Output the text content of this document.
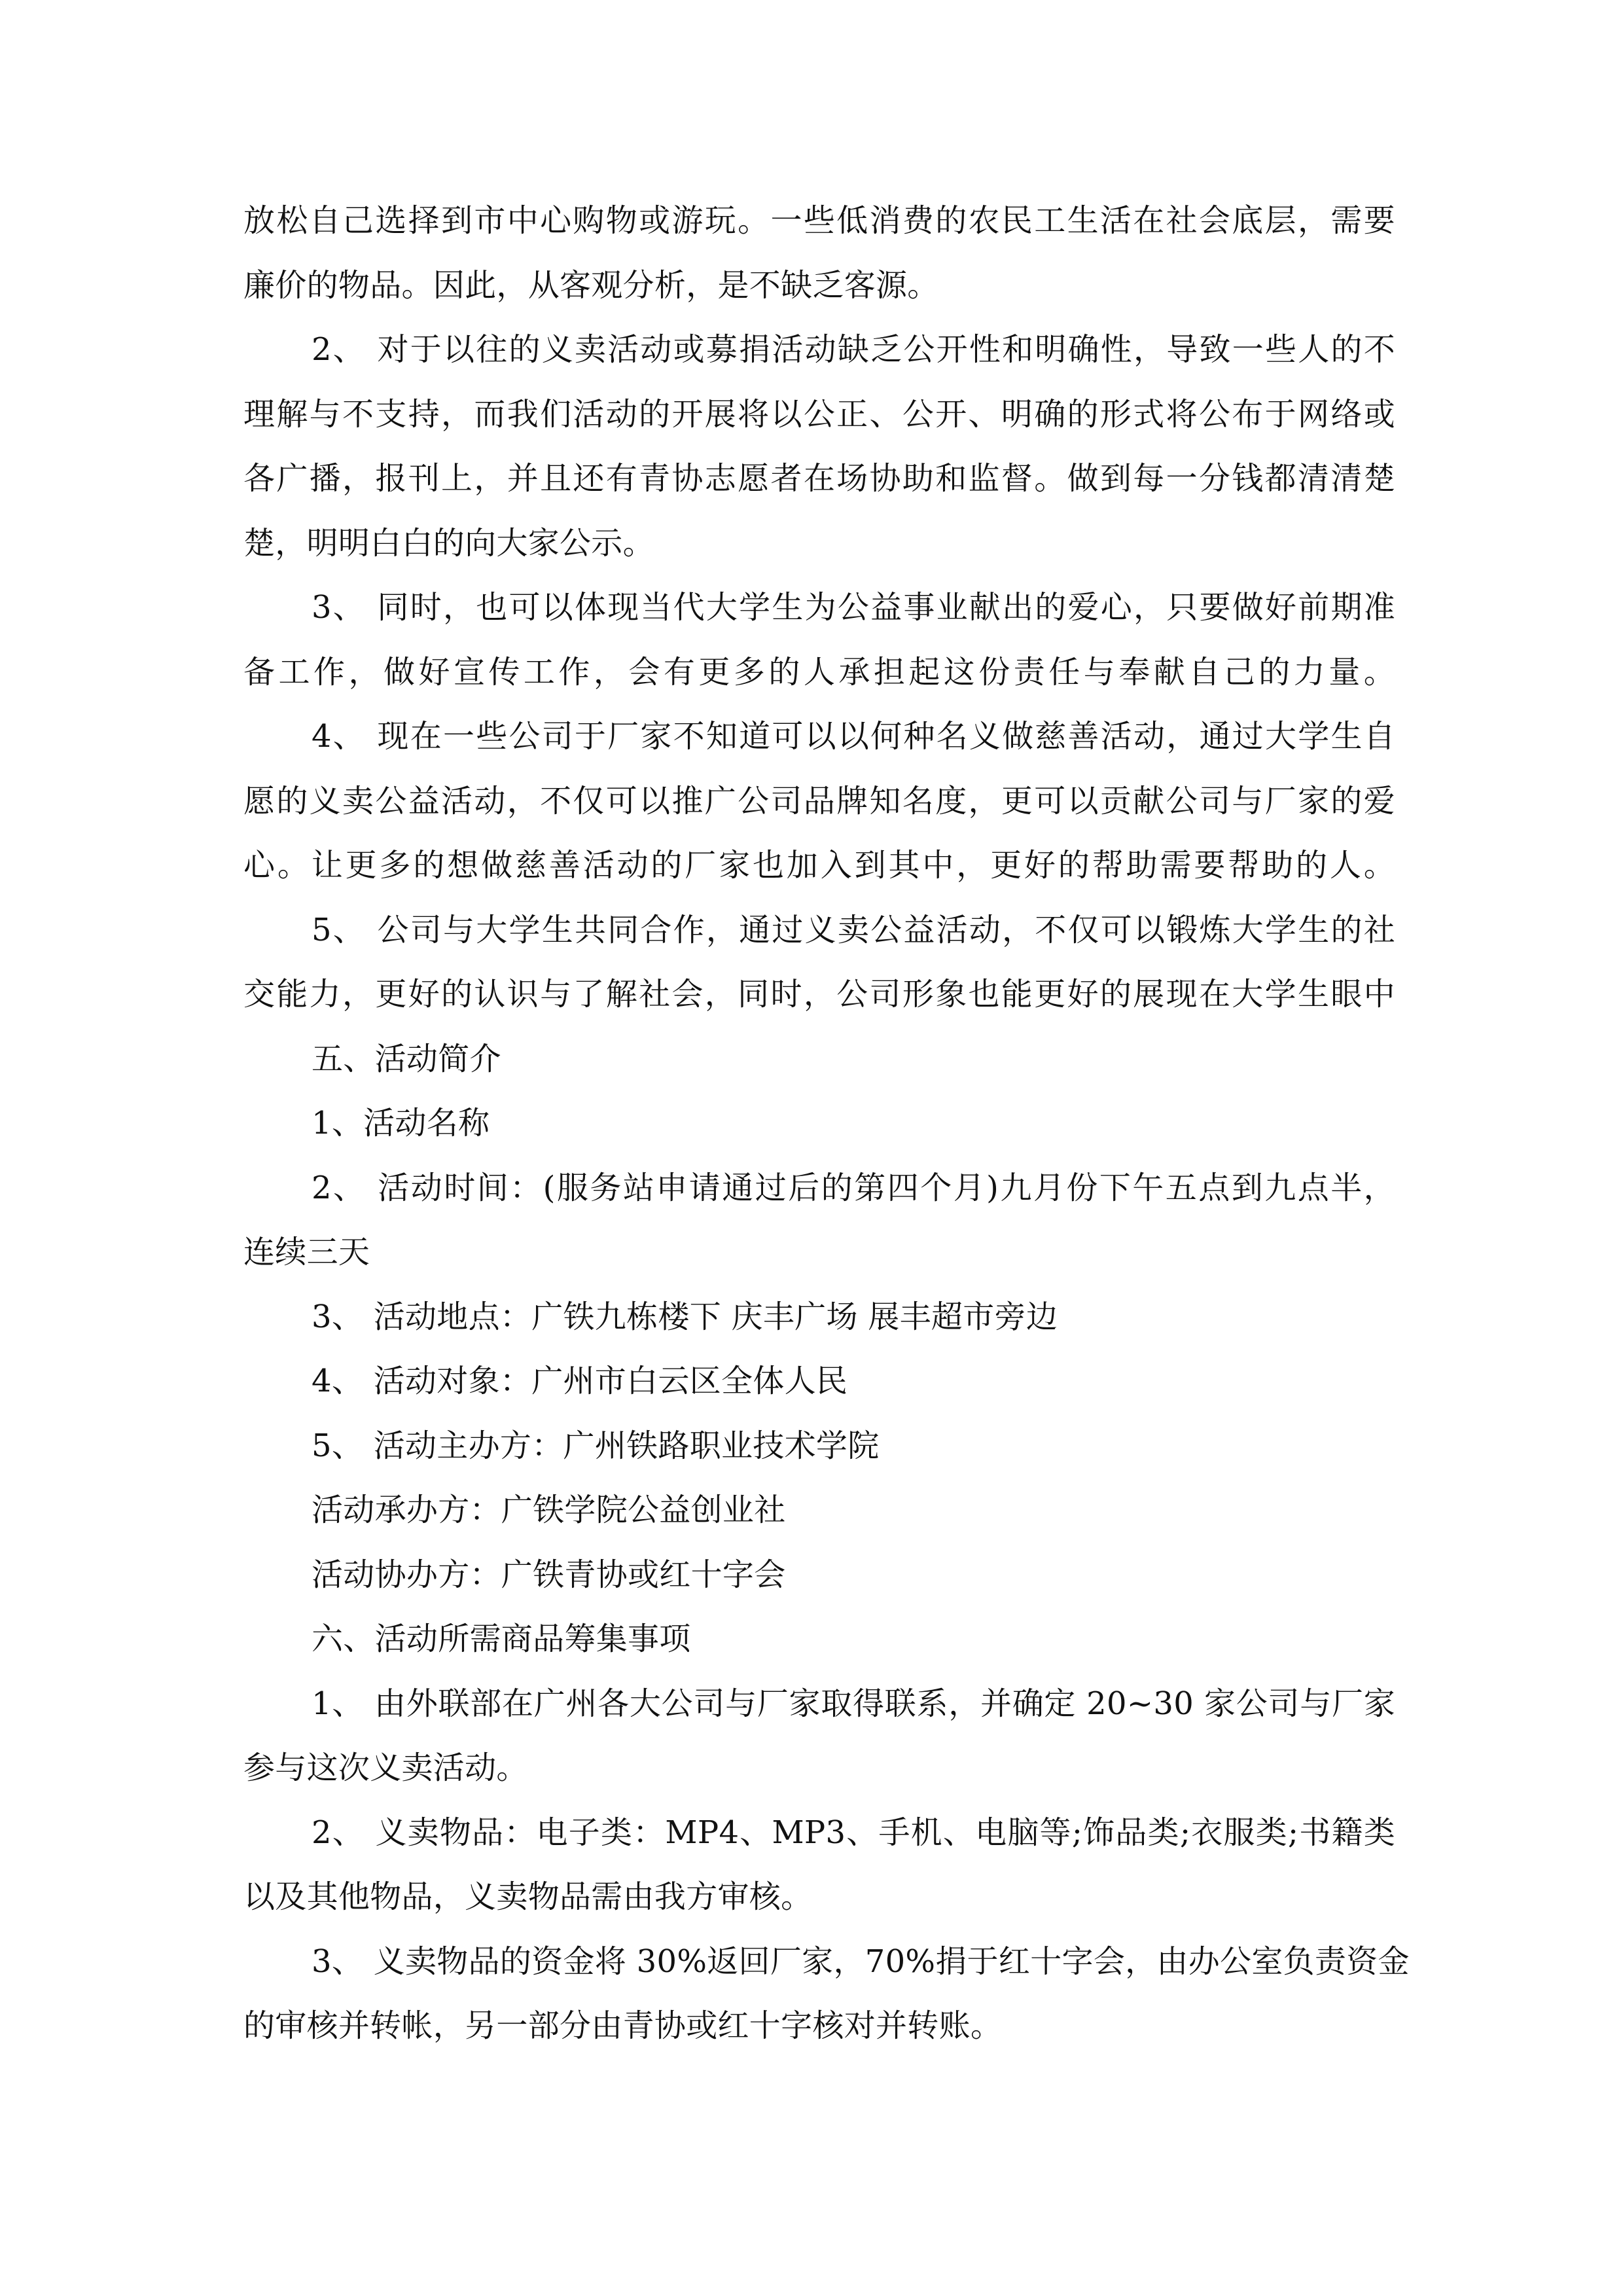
放松自己选择到市中心购物或游玩。一些低消费的农民工生活在社会底层，需要
廉价的物品。因此，从客观分析，是不缺乏客源。
2、 对于以往的义卖活动或募捐活动缺乏公开性和明确性，导致一些人的不
理解与不支持，而我们活动的开展将以公正、公开、明确的形式将公布于网络或
各广播，报刊上，并且还有青协志愿者在场协助和监督。做到每一分钱都清清楚
楚，明明白白的向大家公示。
3、 同时，也可以体现当代大学生为公益事业献出的爱心，只要做好前期准
备工作，做好宣传工作，会有更多的人承担起这份责任与奉献自己的力量。
4、 现在一些公司于厂家不知道可以以何种名义做慈善活动，通过大学生自
愿的义卖公益活动，不仅可以推广公司品牌知名度，更可以贡献公司与厂家的爱
心。让更多的想做慈善活动的厂家也加入到其中，更好的帮助需要帮助的人。
5、 公司与大学生共同合作，通过义卖公益活动，不仅可以锻炼大学生的社
交能力，更好的认识与了解社会，同时，公司形象也能更好的展现在大学生眼中
五、活动简介
1、活动名称
2、 活动时间：(服务站申请通过后的第四个月)九月份下午五点到九点半，
连续三天
3、 活动地点：广铁九栋楼下 庆丰广场 展丰超市旁边
4、 活动对象：广州市白云区全体人民
5、 活动主办方：广州铁路职业技术学院
活动承办方：广铁学院公益创业社
活动协办方：广铁青协或红十字会
六、活动所需商品筹集事项
1、 由外联部在广州各大公司与厂家取得联系，并确定 20~30 家公司与厂家
参与这次义卖活动。
2、 义卖物品：电子类：MP4、MP3、手机、电脑等;饰品类;衣服类;书籍类
以及其他物品，义卖物品需由我方审核。
3、 义卖物品的资金将 30%返回厂家，70%捐于红十字会，由办公室负责资金
的审核并转帐，另一部分由青协或红十字核对并转账。
